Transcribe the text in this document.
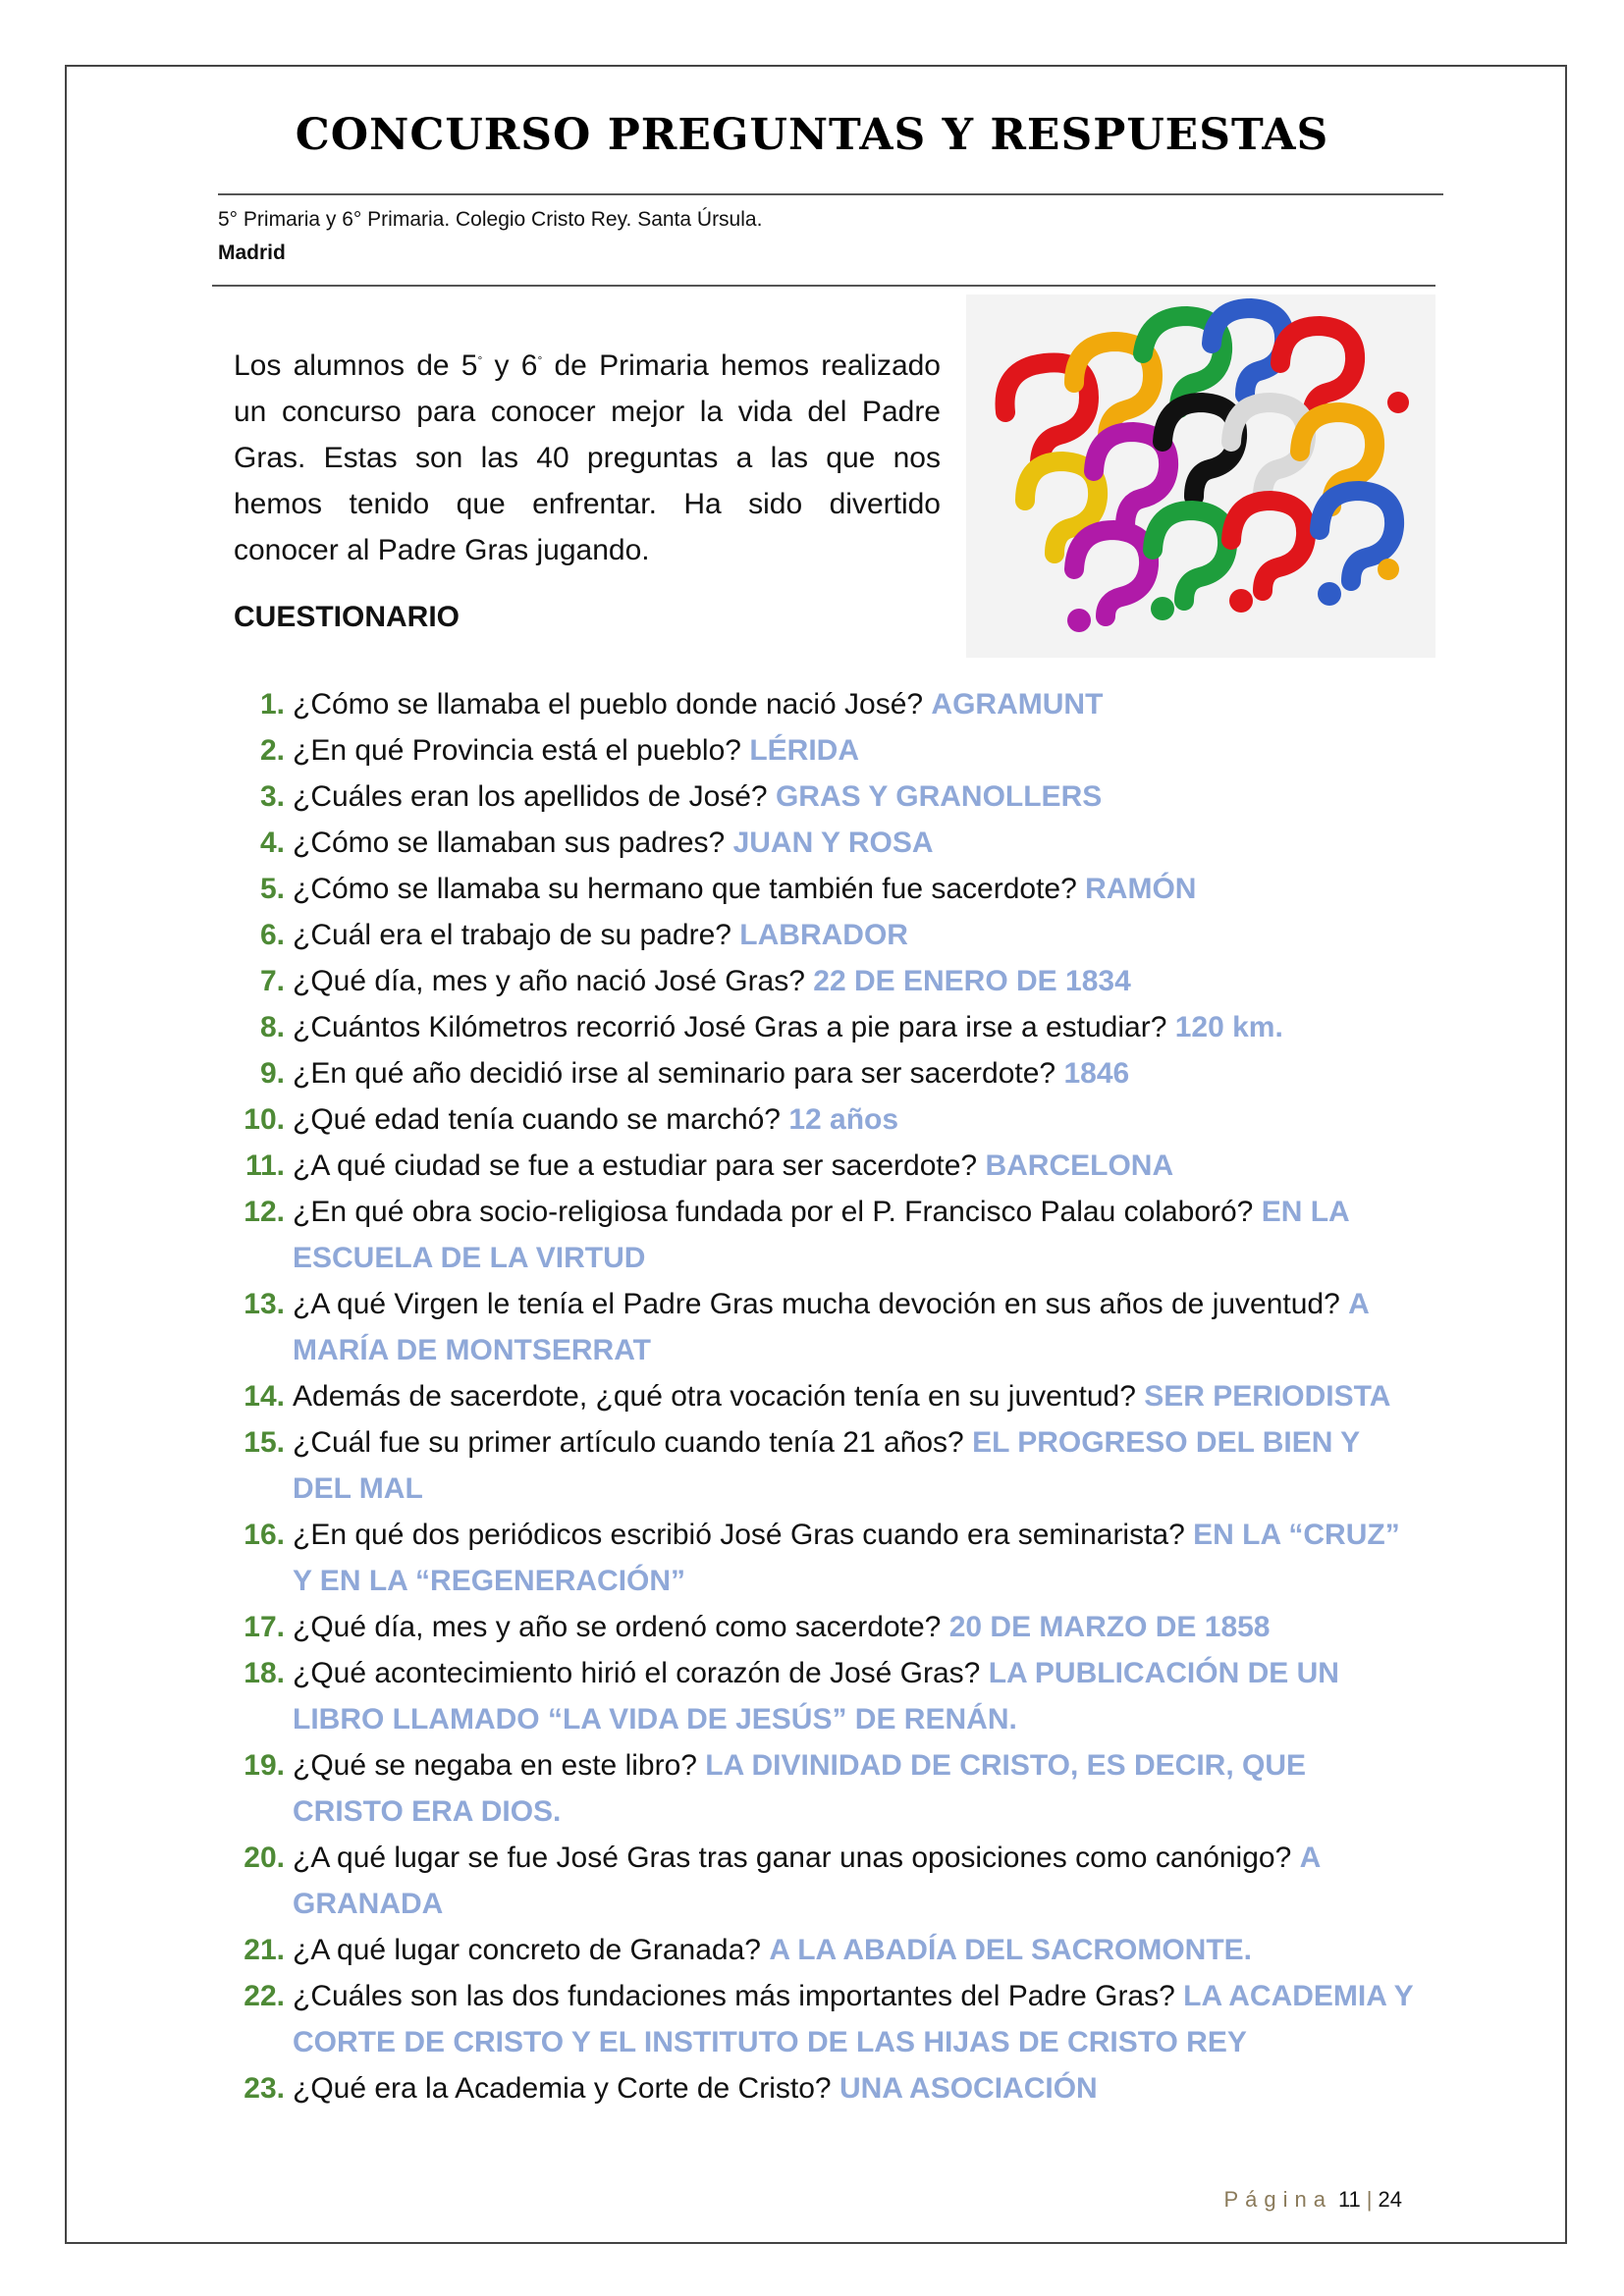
CONCURSO PREGUNTAS Y RESPUESTAS
5° Primaria y 6° Primaria. Colegio Cristo Rey. Santa Úrsula.
Madrid

Los alumnos de 5° y 6° de Primaria hemos realizado un concurso para conocer mejor la vida del Padre Gras. Estas son las 40 preguntas a las que nos hemos tenido que enfrentar. Ha sido divertido conocer al Padre Gras jugando.

CUESTIONARIO
1. ¿Cómo se llamaba el pueblo donde nació José? AGRAMUNT
2. ¿En qué Provincia está el pueblo? LÉRIDA
3. ¿Cuáles eran los apellidos de José? GRAS Y GRANOLLERS
4. ¿Cómo se llamaban sus padres? JUAN Y ROSA
5. ¿Cómo se llamaba su hermano que también fue sacerdote? RAMÓN
6. ¿Cuál era el trabajo de su padre? LABRADOR
7. ¿Qué día, mes y año nació José Gras? 22 DE ENERO DE 1834
8. ¿Cuántos Kilómetros recorrió José Gras a pie para irse a estudiar? 120 km.
9. ¿En qué año decidió irse al seminario para ser sacerdote? 1846
10. ¿Qué edad tenía cuando se marchó? 12 años
11. ¿A qué ciudad se fue a estudiar para ser sacerdote? BARCELONA
12. ¿En qué obra socio-religiosa fundada por el P. Francisco Palau colaboró? EN LA ESCUELA DE LA VIRTUD
13. ¿A qué Virgen le tenía el Padre Gras mucha devoción en sus años de juventud? A MARÍA DE MONTSERRAT
14. Además de sacerdote, ¿qué otra vocación tenía en su juventud? SER PERIODISTA
15. ¿Cuál fue su primer artículo cuando tenía 21 años? EL PROGRESO DEL BIEN Y DEL MAL
16. ¿En qué dos periódicos escribió José Gras cuando era seminarista? EN LA “CRUZ” Y EN LA “REGENERACIÓN”
17. ¿Qué día, mes y año se ordenó como sacerdote? 20 DE MARZO DE 1858
18. ¿Qué acontecimiento hirió el corazón de José Gras? LA PUBLICACIÓN DE UN LIBRO LLAMADO “LA VIDA DE JESÚS” DE RENÁN.
19. ¿Qué se negaba en este libro? LA DIVINIDAD DE CRISTO, ES DECIR, QUE CRISTO ERA DIOS.
20. ¿A qué lugar se fue José Gras tras ganar unas oposiciones como canónigo? A GRANADA
21. ¿A qué lugar concreto de Granada? A LA ABADÍA DEL SACROMONTE.
22. ¿Cuáles son las dos fundaciones más importantes del Padre Gras? LA ACADEMIA Y CORTE DE CRISTO Y EL INSTITUTO DE LAS HIJAS DE CRISTO REY
23. ¿Qué era la Academia y Corte de Cristo? UNA ASOCIACIÓN
Página 11 | 24
